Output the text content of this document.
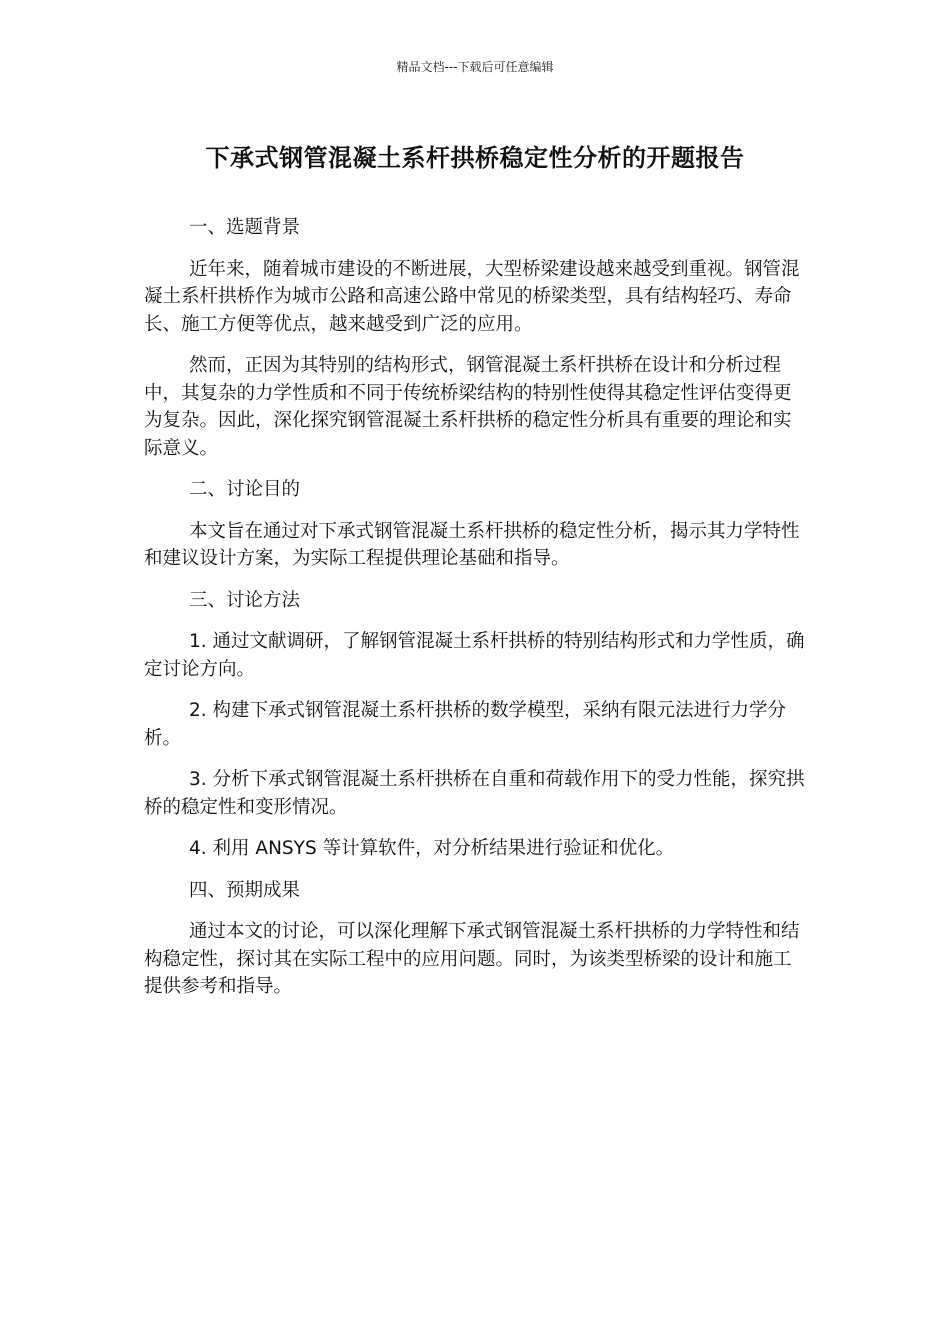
精品文档---下载后可任意编辑
下承式钢管混凝土系杆拱桥稳定性分析的开题报告

一、选题背景

近年来，随着城市建设的不断进展，大型桥梁建设越来越受到重视。钢管混凝土系杆拱桥作为城市公路和高速公路中常见的桥梁类型，具有结构轻巧、寿命长、施工方便等优点，越来越受到广泛的应用。

然而，正因为其特别的结构形式，钢管混凝土系杆拱桥在设计和分析过程中，其复杂的力学性质和不同于传统桥梁结构的特别性使得其稳定性评估变得更为复杂。因此，深化探究钢管混凝土系杆拱桥的稳定性分析具有重要的理论和实际意义。

二、讨论目的

本文旨在通过对下承式钢管混凝土系杆拱桥的稳定性分析，揭示其力学特性和建议设计方案，为实际工程提供理论基础和指导。

三、讨论方法

1. 通过文献调研，了解钢管混凝土系杆拱桥的特别结构形式和力学性质，确定讨论方向。

2. 构建下承式钢管混凝土系杆拱桥的数学模型，采纳有限元法进行力学分析。

3. 分析下承式钢管混凝土系杆拱桥在自重和荷载作用下的受力性能，探究拱桥的稳定性和变形情况。

4. 利用 ANSYS 等计算软件，对分析结果进行验证和优化。

四、预期成果

通过本文的讨论，可以深化理解下承式钢管混凝土系杆拱桥的力学特性和结构稳定性，探讨其在实际工程中的应用问题。同时，为该类型桥梁的设计和施工提供参考和指导。
